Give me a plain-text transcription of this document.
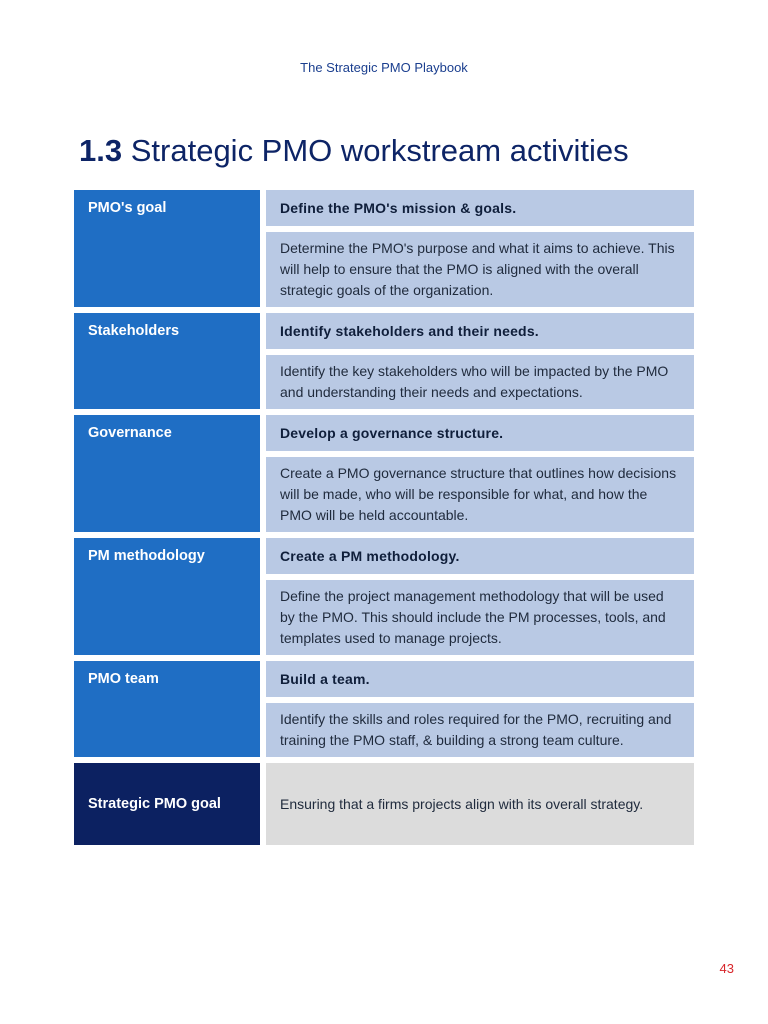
The Strategic PMO Playbook
1.3 Strategic PMO workstream activities
PMO's goal	Define the PMO's mission & goals.
Determine the PMO's purpose and what it aims to achieve. This will help to ensure that the PMO is aligned with the overall strategic goals of the organization.
Stakeholders	Identify stakeholders and their needs.
Identify the key stakeholders who will be impacted by the PMO and understanding their needs and expectations.
Governance	Develop a governance structure.
Create a PMO governance structure that outlines how decisions will be made, who will be responsible for what, and how the PMO will be held accountable.
PM methodology	Create a PM methodology.
Define the project management methodology that will be used by the PMO. This should include the PM processes, tools, and templates used to manage projects.
PMO team	Build a team.
Identify the skills and roles required for the PMO, recruiting and training the PMO staff, & building a strong team culture.
Strategic PMO goal	Ensuring that a firms projects align with its overall strategy.
43
